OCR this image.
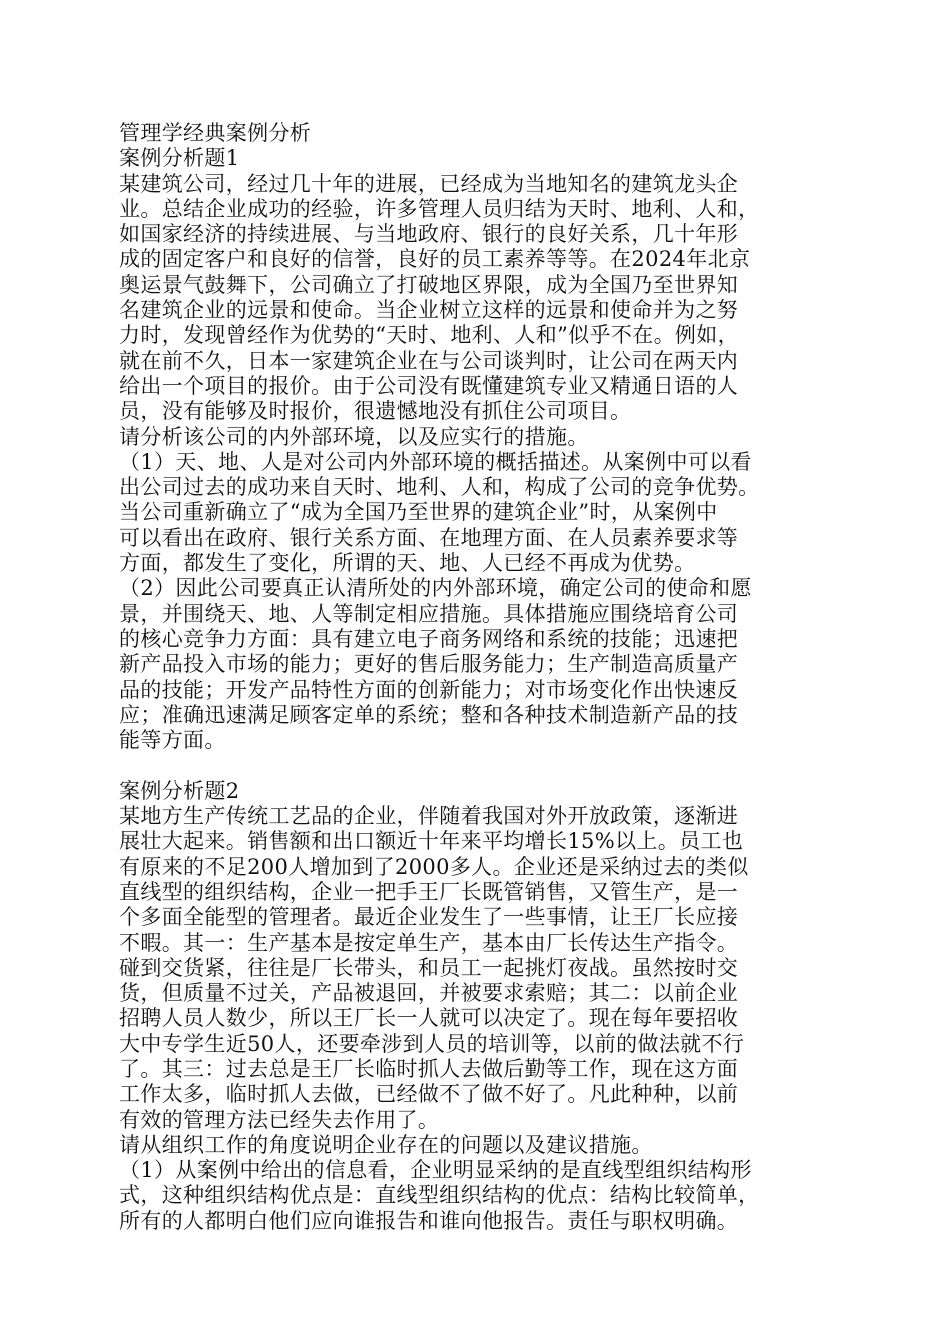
管理学经典案例分析

案例分析题1

某建筑公司，经过几十年的进展，已经成为当地知名的建筑龙头企

业。总结企业成功的经验，许多管理人员归结为天时、地利、人和，

如国家经济的持续进展、与当地政府、银行的良好关系，几十年形

成的固定客户和良好的信誉，良好的员工素养等等。在2024年北京

奥运景气鼓舞下，公司确立了打破地区界限，成为全国乃至世界知

名建筑企业的远景和使命。当企业树立这样的远景和使命并为之努

力时，发现曾经作为优势的“天时、地利、人和”似乎不在。例如，

就在前不久，日本一家建筑企业在与公司谈判时，让公司在两天内

给出一个项目的报价。由于公司没有既懂建筑专业又精通日语的人

员，没有能够及时报价，很遗憾地没有抓住公司项目。

请分析该公司的内外部环境，以及应实行的措施。

（1）天、地、人是对公司内外部环境的概括描述。从案例中可以看

出公司过去的成功来自天时、地利、人和，构成了公司的竞争优势。

当公司重新确立了“成为全国乃至世界的建筑企业”时，从案例中

可以看出在政府、银行关系方面、在地理方面、在人员素养要求等

方面，都发生了变化，所谓的天、地、人已经不再成为优势。

（2）因此公司要真正认清所处的内外部环境，确定公司的使命和愿

景，并围绕天、地、人等制定相应措施。具体措施应围绕培育公司

的核心竞争力方面：具有建立电子商务网络和系统的技能；迅速把

新产品投入市场的能力；更好的售后服务能力；生产制造高质量产

品的技能；开发产品特性方面的创新能力；对市场变化作出快速反

应；准确迅速满足顾客定单的系统；整和各种技术制造新产品的技

能等方面。

案例分析题2

某地方生产传统工艺品的企业，伴随着我国对外开放政策，逐渐进

展壮大起来。销售额和出口额近十年来平均增长15%以上。员工也

有原来的不足200人增加到了2000多人。企业还是采纳过去的类似

直线型的组织结构，企业一把手王厂长既管销售，又管生产，是一

个多面全能型的管理者。最近企业发生了一些事情，让王厂长应接

不暇。其一：生产基本是按定单生产，基本由厂长传达生产指令。

碰到交货紧，往往是厂长带头，和员工一起挑灯夜战。虽然按时交

货，但质量不过关，产品被退回，并被要求索赔；其二：以前企业

招聘人员人数少，所以王厂长一人就可以决定了。现在每年要招收

大中专学生近50人，还要牵涉到人员的培训等，以前的做法就不行

了。其三：过去总是王厂长临时抓人去做后勤等工作，现在这方面

工作太多，临时抓人去做，已经做不了做不好了。凡此种种，以前

有效的管理方法已经失去作用了。

请从组织工作的角度说明企业存在的问题以及建议措施。

（1）从案例中给出的信息看，企业明显采纳的是直线型组织结构形

式，这种组织结构优点是：直线型组织结构的优点：结构比较简单，

所有的人都明白他们应向谁报告和谁向他报告。责任与职权明确。
